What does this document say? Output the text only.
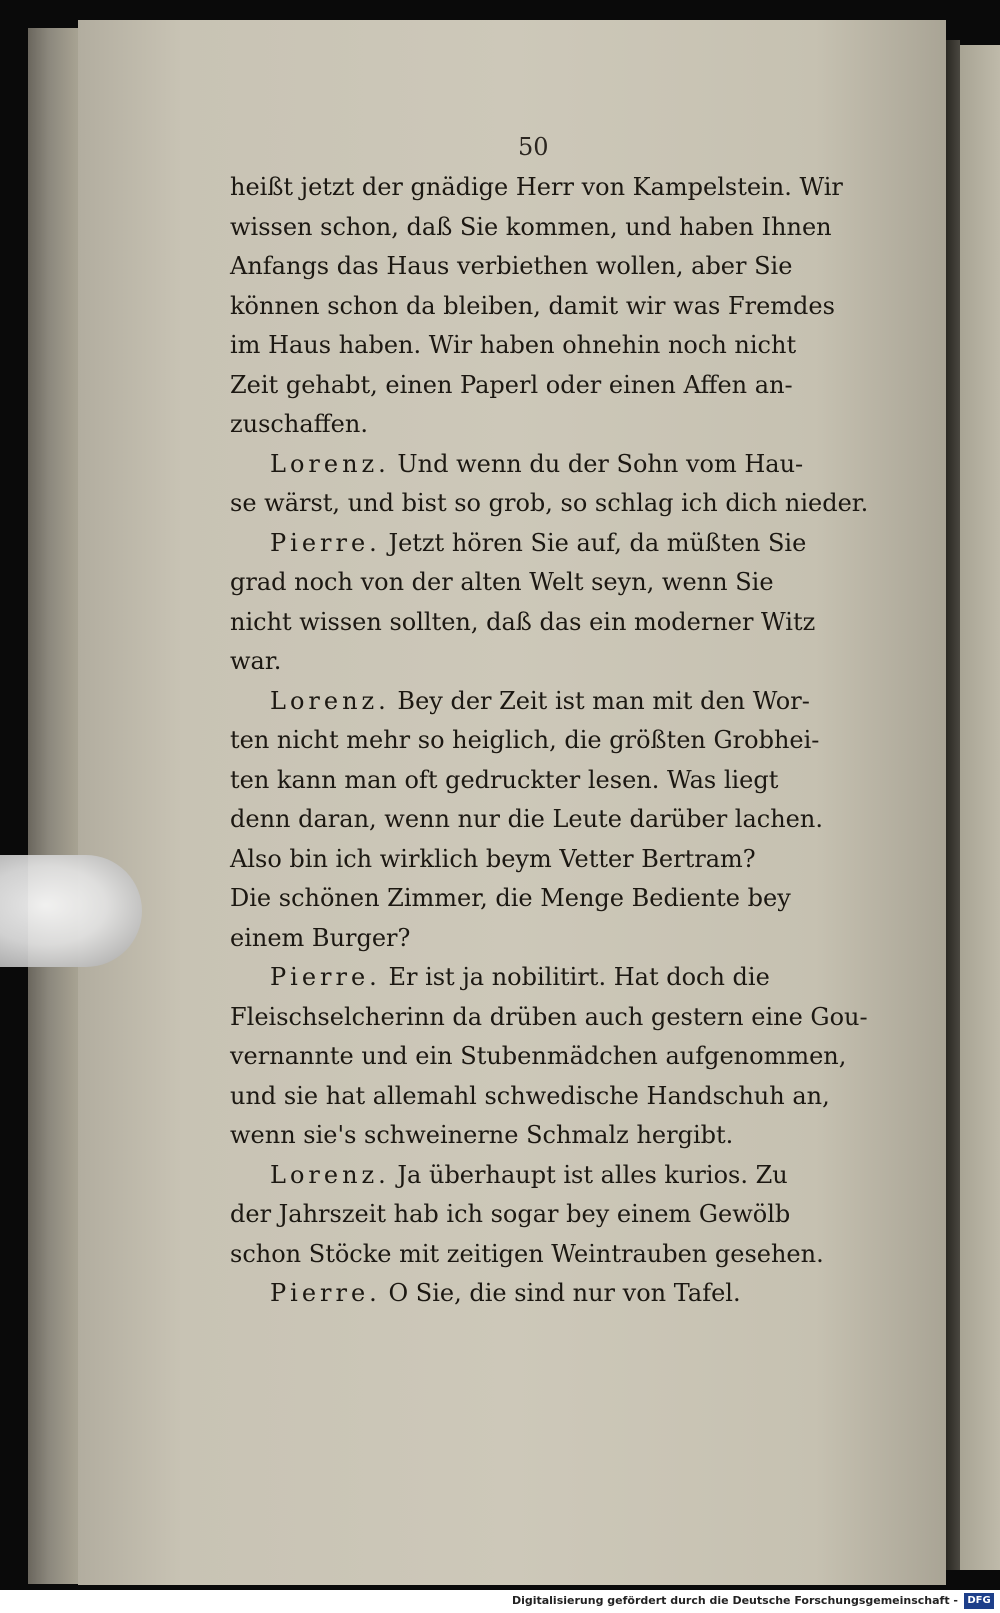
50
heißt jetzt der gnädige Herr von Kampelstein. Wir
wissen schon, daß Sie kommen, und haben Ihnen
Anfangs das Haus verbiethen wollen, aber Sie
können schon da bleiben, damit wir was Fremdes
im Haus haben. Wir haben ohnehin noch nicht
Zeit gehabt, einen Paperl oder einen Affen an-
zuschaffen.
Lorenz. Und wenn du der Sohn vom Hau-
se wärst, und bist so grob, so schlag ich dich nieder.
Pierre. Jetzt hören Sie auf, da müßten Sie
grad noch von der alten Welt seyn, wenn Sie
nicht wissen sollten, daß das ein moderner Witz
war.
Lorenz. Bey der Zeit ist man mit den Wor-
ten nicht mehr so heiglich, die größten Grobhei-
ten kann man oft gedruckter lesen. Was liegt
denn daran, wenn nur die Leute darüber lachen.
Also bin ich wirklich beym Vetter Bertram?
Die schönen Zimmer, die Menge Bediente bey
einem Burger?
Pierre. Er ist ja nobilitirt. Hat doch die
Fleischselcherinn da drüben auch gestern eine Gou-
vernannte und ein Stubenmädchen aufgenommen,
und sie hat allemahl schwedische Handschuh an,
wenn sie's schweinerne Schmalz hergibt.
Lorenz. Ja überhaupt ist alles kurios. Zu
der Jahrszeit hab ich sogar bey einem Gewölb
schon Stöcke mit zeitigen Weintrauben gesehen.
Pierre. O Sie, die sind nur von Tafel.
Digitalisierung gefördert durch die Deutsche Forschungsgemeinschaft - DFG
